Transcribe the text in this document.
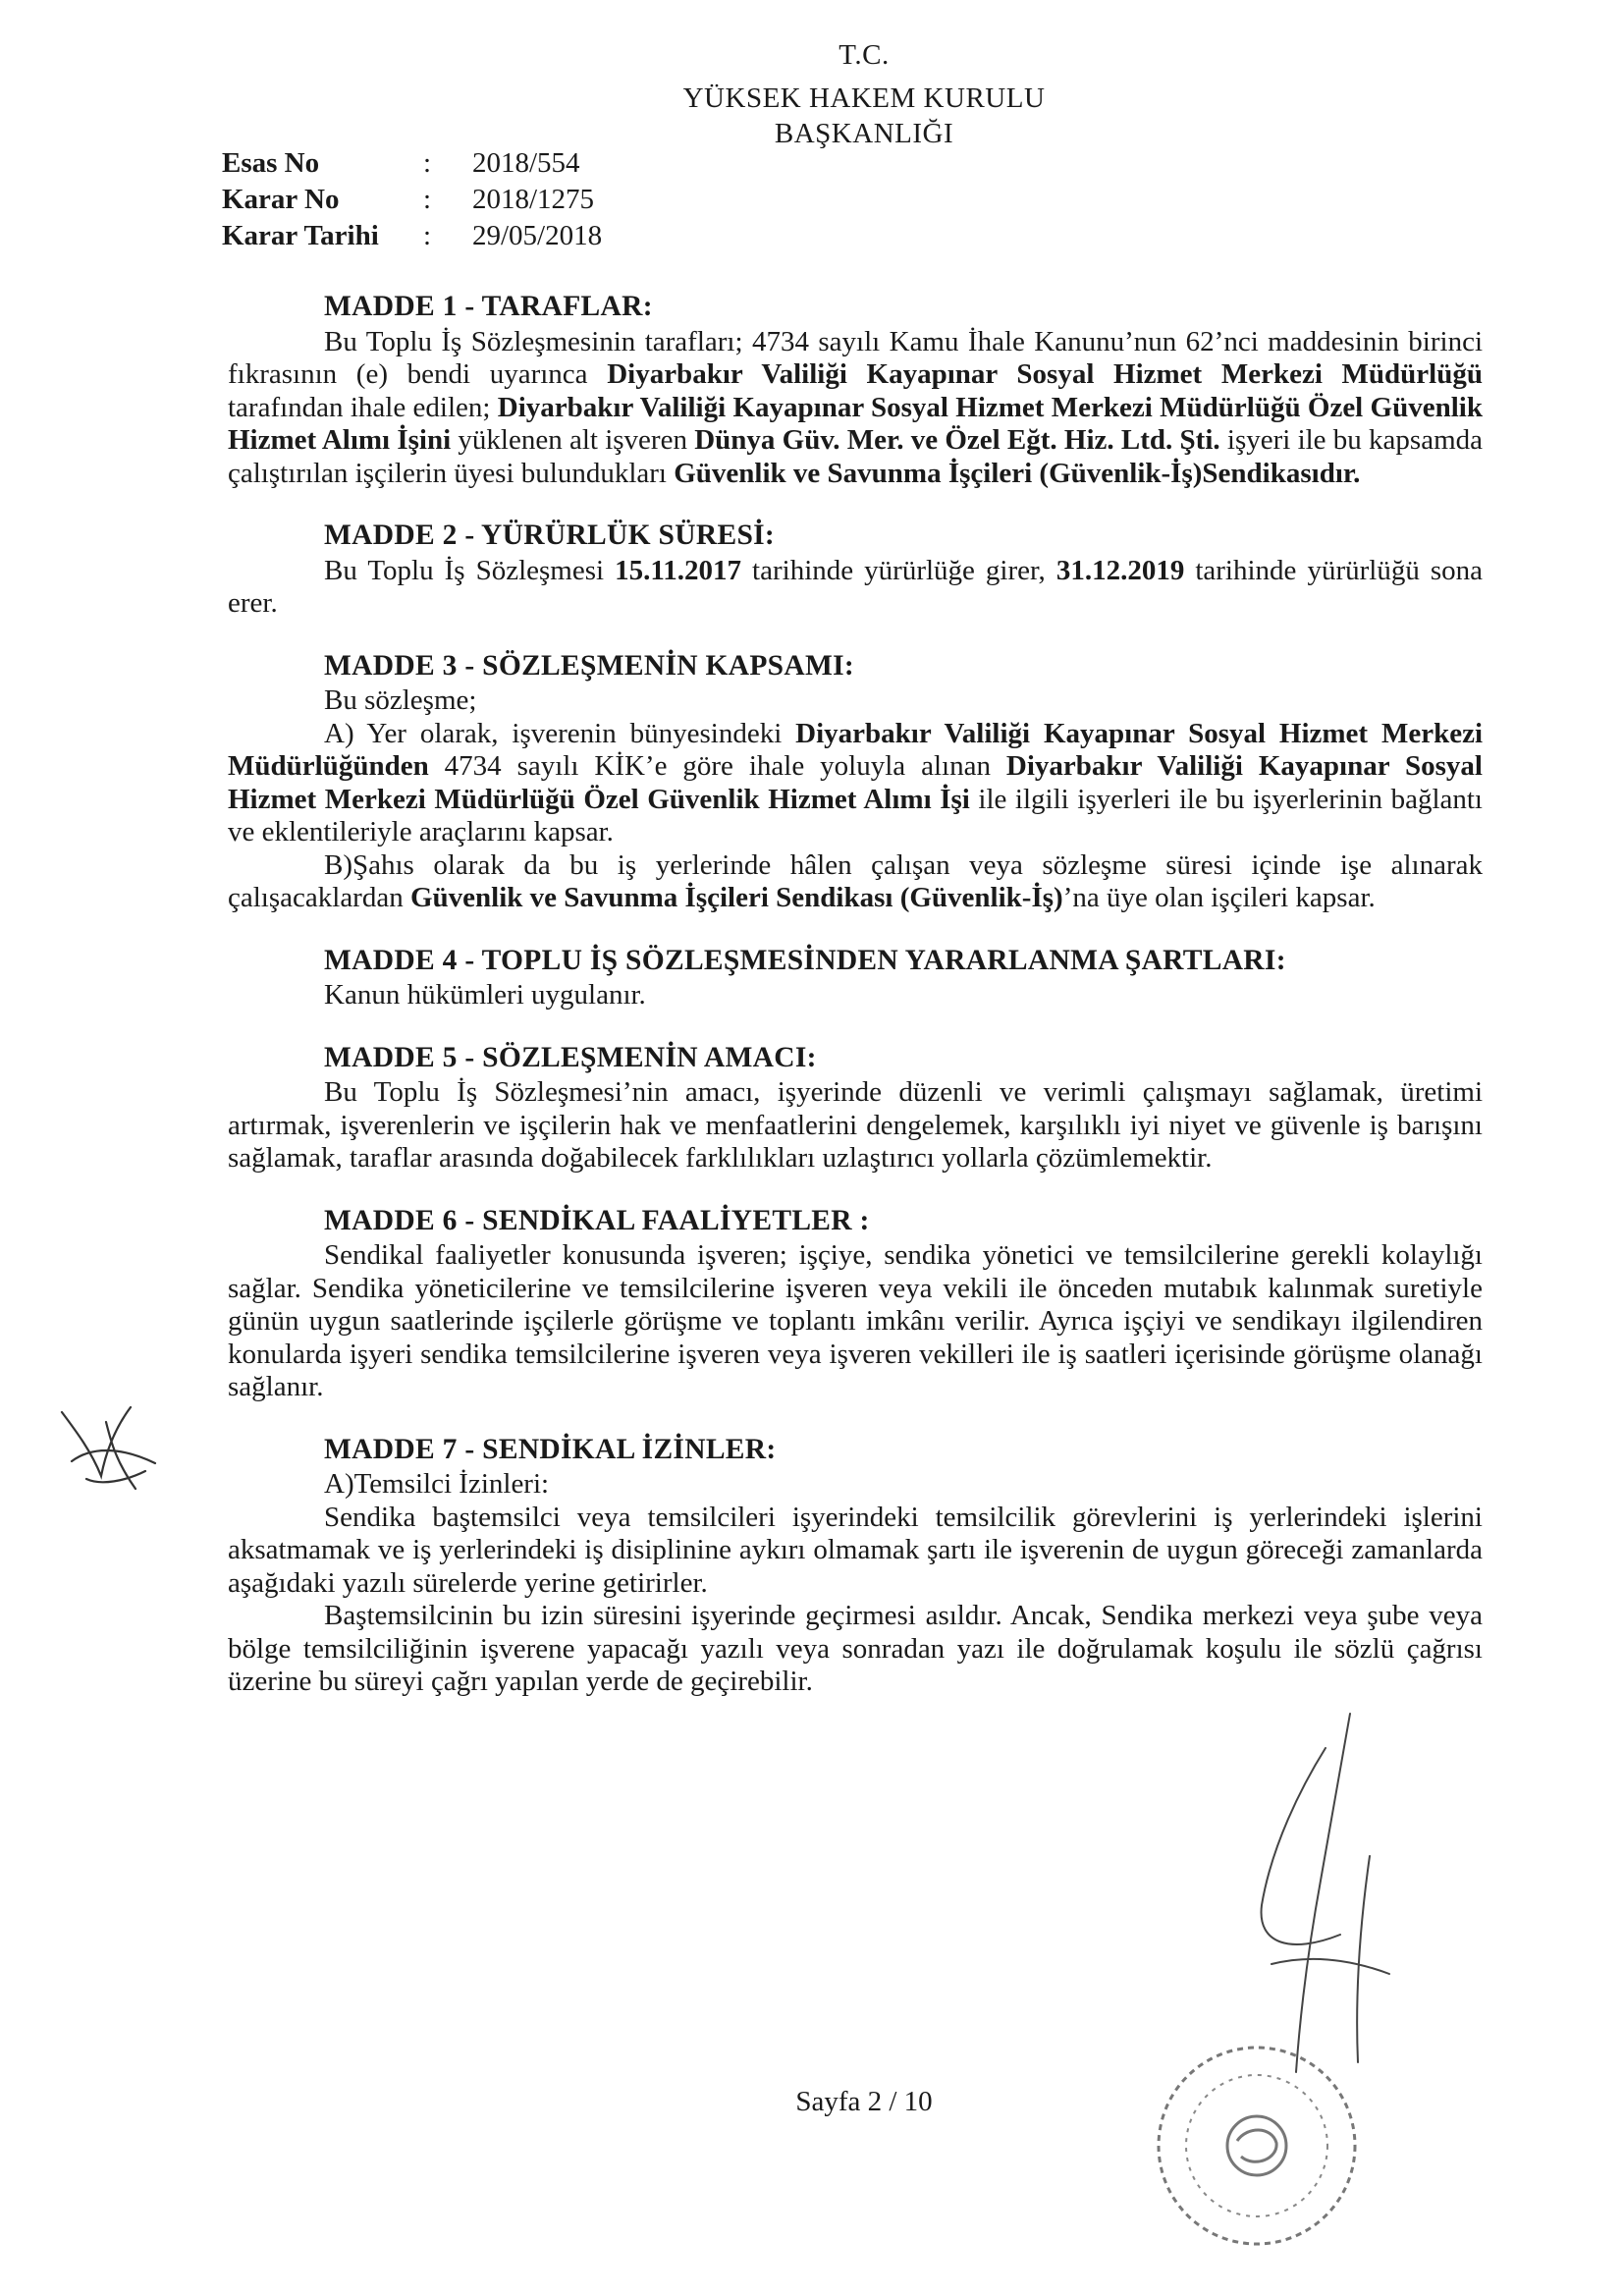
T.C.
YÜKSEK HAKEM KURULU
BAŞKANLIĞI
Esas No	:	2018/554
Karar No	:	2018/1275
Karar Tarihi	:	29/05/2018
MADDE 1 - TARAFLAR:

Bu Toplu İş Sözleşmesinin tarafları; 4734 sayılı Kamu İhale Kanunu’nun 62’nci maddesinin birinci fıkrasının (e) bendi uyarınca Diyarbakır Valiliği Kayapınar Sosyal Hizmet Merkezi Müdürlüğü tarafından ihale edilen; Diyarbakır Valiliği Kayapınar Sosyal Hizmet Merkezi Müdürlüğü Özel Güvenlik Hizmet Alımı İşini yüklenen alt işveren Dünya Güv. Mer. ve Özel Eğt. Hiz. Ltd. Şti. işyeri ile bu kapsamda çalıştırılan işçilerin üyesi bulundukları Güvenlik ve Savunma İşçileri (Güvenlik-İş)Sendikasıdır.

MADDE 2 - YÜRÜRLÜK SÜRESİ:

Bu Toplu İş Sözleşmesi 15.11.2017 tarihinde yürürlüğe girer, 31.12.2019 tarihinde yürürlüğü sona erer.

MADDE 3 - SÖZLEŞMENİN KAPSAMI:

Bu sözleşme;

A) Yer olarak, işverenin bünyesindeki Diyarbakır Valiliği Kayapınar Sosyal Hizmet Merkezi Müdürlüğünden 4734 sayılı KİK’e göre ihale yoluyla alınan Diyarbakır Valiliği Kayapınar Sosyal Hizmet Merkezi Müdürlüğü Özel Güvenlik Hizmet Alımı İşi ile ilgili işyerleri ile bu işyerlerinin bağlantı ve eklentileriyle araçlarını kapsar.

B)Şahıs olarak da bu iş yerlerinde hâlen çalışan veya sözleşme süresi içinde işe alınarak çalışacaklardan Güvenlik ve Savunma İşçileri Sendikası (Güvenlik-İş)’na üye olan işçileri kapsar.

MADDE 4 - TOPLU İŞ SÖZLEŞMESİNDEN YARARLANMA ŞARTLARI:

Kanun hükümleri uygulanır.

MADDE 5 - SÖZLEŞMENİN AMACI:

Bu Toplu İş Sözleşmesi’nin amacı, işyerinde düzenli ve verimli çalışmayı sağlamak, üretimi artırmak, işverenlerin ve işçilerin hak ve menfaatlerini dengelemek, karşılıklı iyi niyet ve güvenle iş barışını sağlamak, taraflar arasında doğabilecek farklılıkları uzlaştırıcı yollarla çözümlemektir.

MADDE 6 - SENDİKAL FAALİYETLER :

Sendikal faaliyetler konusunda işveren; işçiye, sendika yönetici ve temsilcilerine gerekli kolaylığı sağlar. Sendika yöneticilerine ve temsilcilerine işveren veya vekili ile önceden mutabık kalınmak suretiyle günün uygun saatlerinde işçilerle görüşme ve toplantı imkânı verilir. Ayrıca işçiyi ve sendikayı ilgilendiren konularda işyeri sendika temsilcilerine işveren veya işveren vekilleri ile iş saatleri içerisinde görüşme olanağı sağlanır.

MADDE 7 - SENDİKAL İZİNLER:

A)Temsilci İzinleri:

Sendika baştemsilci veya temsilcileri işyerindeki temsilcilik görevlerini iş yerlerindeki işlerini aksatmamak ve iş yerlerindeki iş disiplinine aykırı olmamak şartı ile işverenin de uygun göreceği zamanlarda aşağıdaki yazılı sürelerde yerine getirirler.

Baştemsilcinin bu izin süresini işyerinde geçirmesi asıldır. Ancak, Sendika merkezi veya şube veya bölge temsilciliğinin işverene yapacağı yazılı veya sonradan yazı ile doğrulamak koşulu ile sözlü çağrısı üzerine bu süreyi çağrı yapılan yerde de geçirebilir.

Sayfa 2 / 10
